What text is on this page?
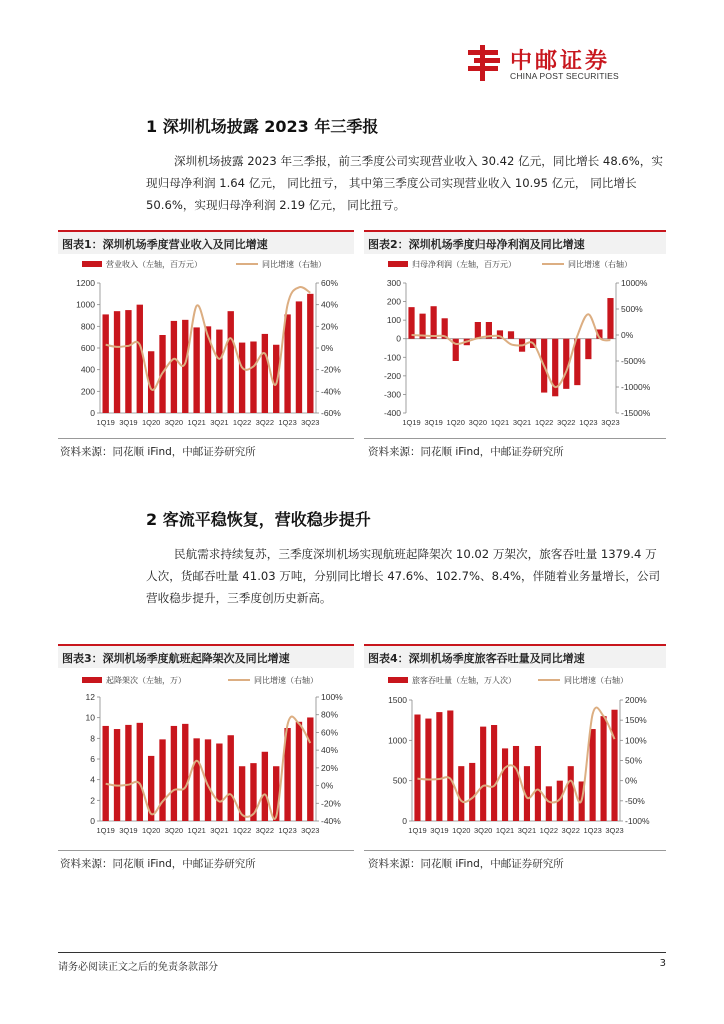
中邮证券
CHINA POST SECURITIES
1 深圳机场披露 2023 年三季报
深圳机场披露 2023 年三季报，前三季度公司实现营业收入 30.42 亿元，同比增长 48.6%，实现归母净利润 1.64 亿元， 同比扭亏， 其中第三季度公司实现营业收入 10.95 亿元， 同比增长 50.6%，实现归母净利润 2.19 亿元， 同比扭亏。
图表1：深圳机场季度营业收入及同比增速	图表2：深圳机场季度归母净利润及同比增速
营业收入（左轴，百万元）	同比增速（右轴）
0
200
400
600
800
1000
1200
-60%
-40%
-20%
0%
20%
40%
60%
1Q19 3Q19 1Q20 3Q20 1Q21 3Q21 1Q22 3Q22 1Q23 3Q23
归母净利润（左轴，百万元）	同比增速（右轴）
-400
-300
-200
-100
0
100
200
300
-1500%
-1000%
-500%
0%
500%
1000%
1Q19 3Q19 1Q20 3Q20 1Q21 3Q21 1Q22 3Q22 1Q23 3Q23
资料来源：同花顺 iFind，中邮证券研究所	资料来源：同花顺 iFind，中邮证券研究所
2 客流平稳恢复，营收稳步提升
民航需求持续复苏，三季度深圳机场实现航班起降架次 10.02 万架次，旅客吞吐量 1379.4 万人次，货邮吞吐量 41.03 万吨，分别同比增长 47.6%、102.7%、8.4%，伴随着业务量增长，公司营收稳步提升，三季度创历史新高。
图表3：深圳机场季度航班起降架次及同比增速	图表4：深圳机场季度旅客吞吐量及同比增速
起降架次（左轴，万）	同比增速（右轴）
0
2
4
6
8
10
12
-40%
-20%
0%
20%
40%
60%
80%
100%
1Q19 3Q19 1Q20 3Q20 1Q21 3Q21 1Q22 3Q22 1Q23 3Q23
旅客吞吐量（左轴，万人次）	同比增速（右轴）
0
500
1000
1500
-100%
-50%
0%
50%
100%
150%
200%
1Q19 3Q19 1Q20 3Q20 1Q21 3Q21 1Q22 3Q22 1Q23 3Q23
资料来源：同花顺 iFind，中邮证券研究所	资料来源：同花顺 iFind，中邮证券研究所
请务必阅读正文之后的免责条款部分	3
